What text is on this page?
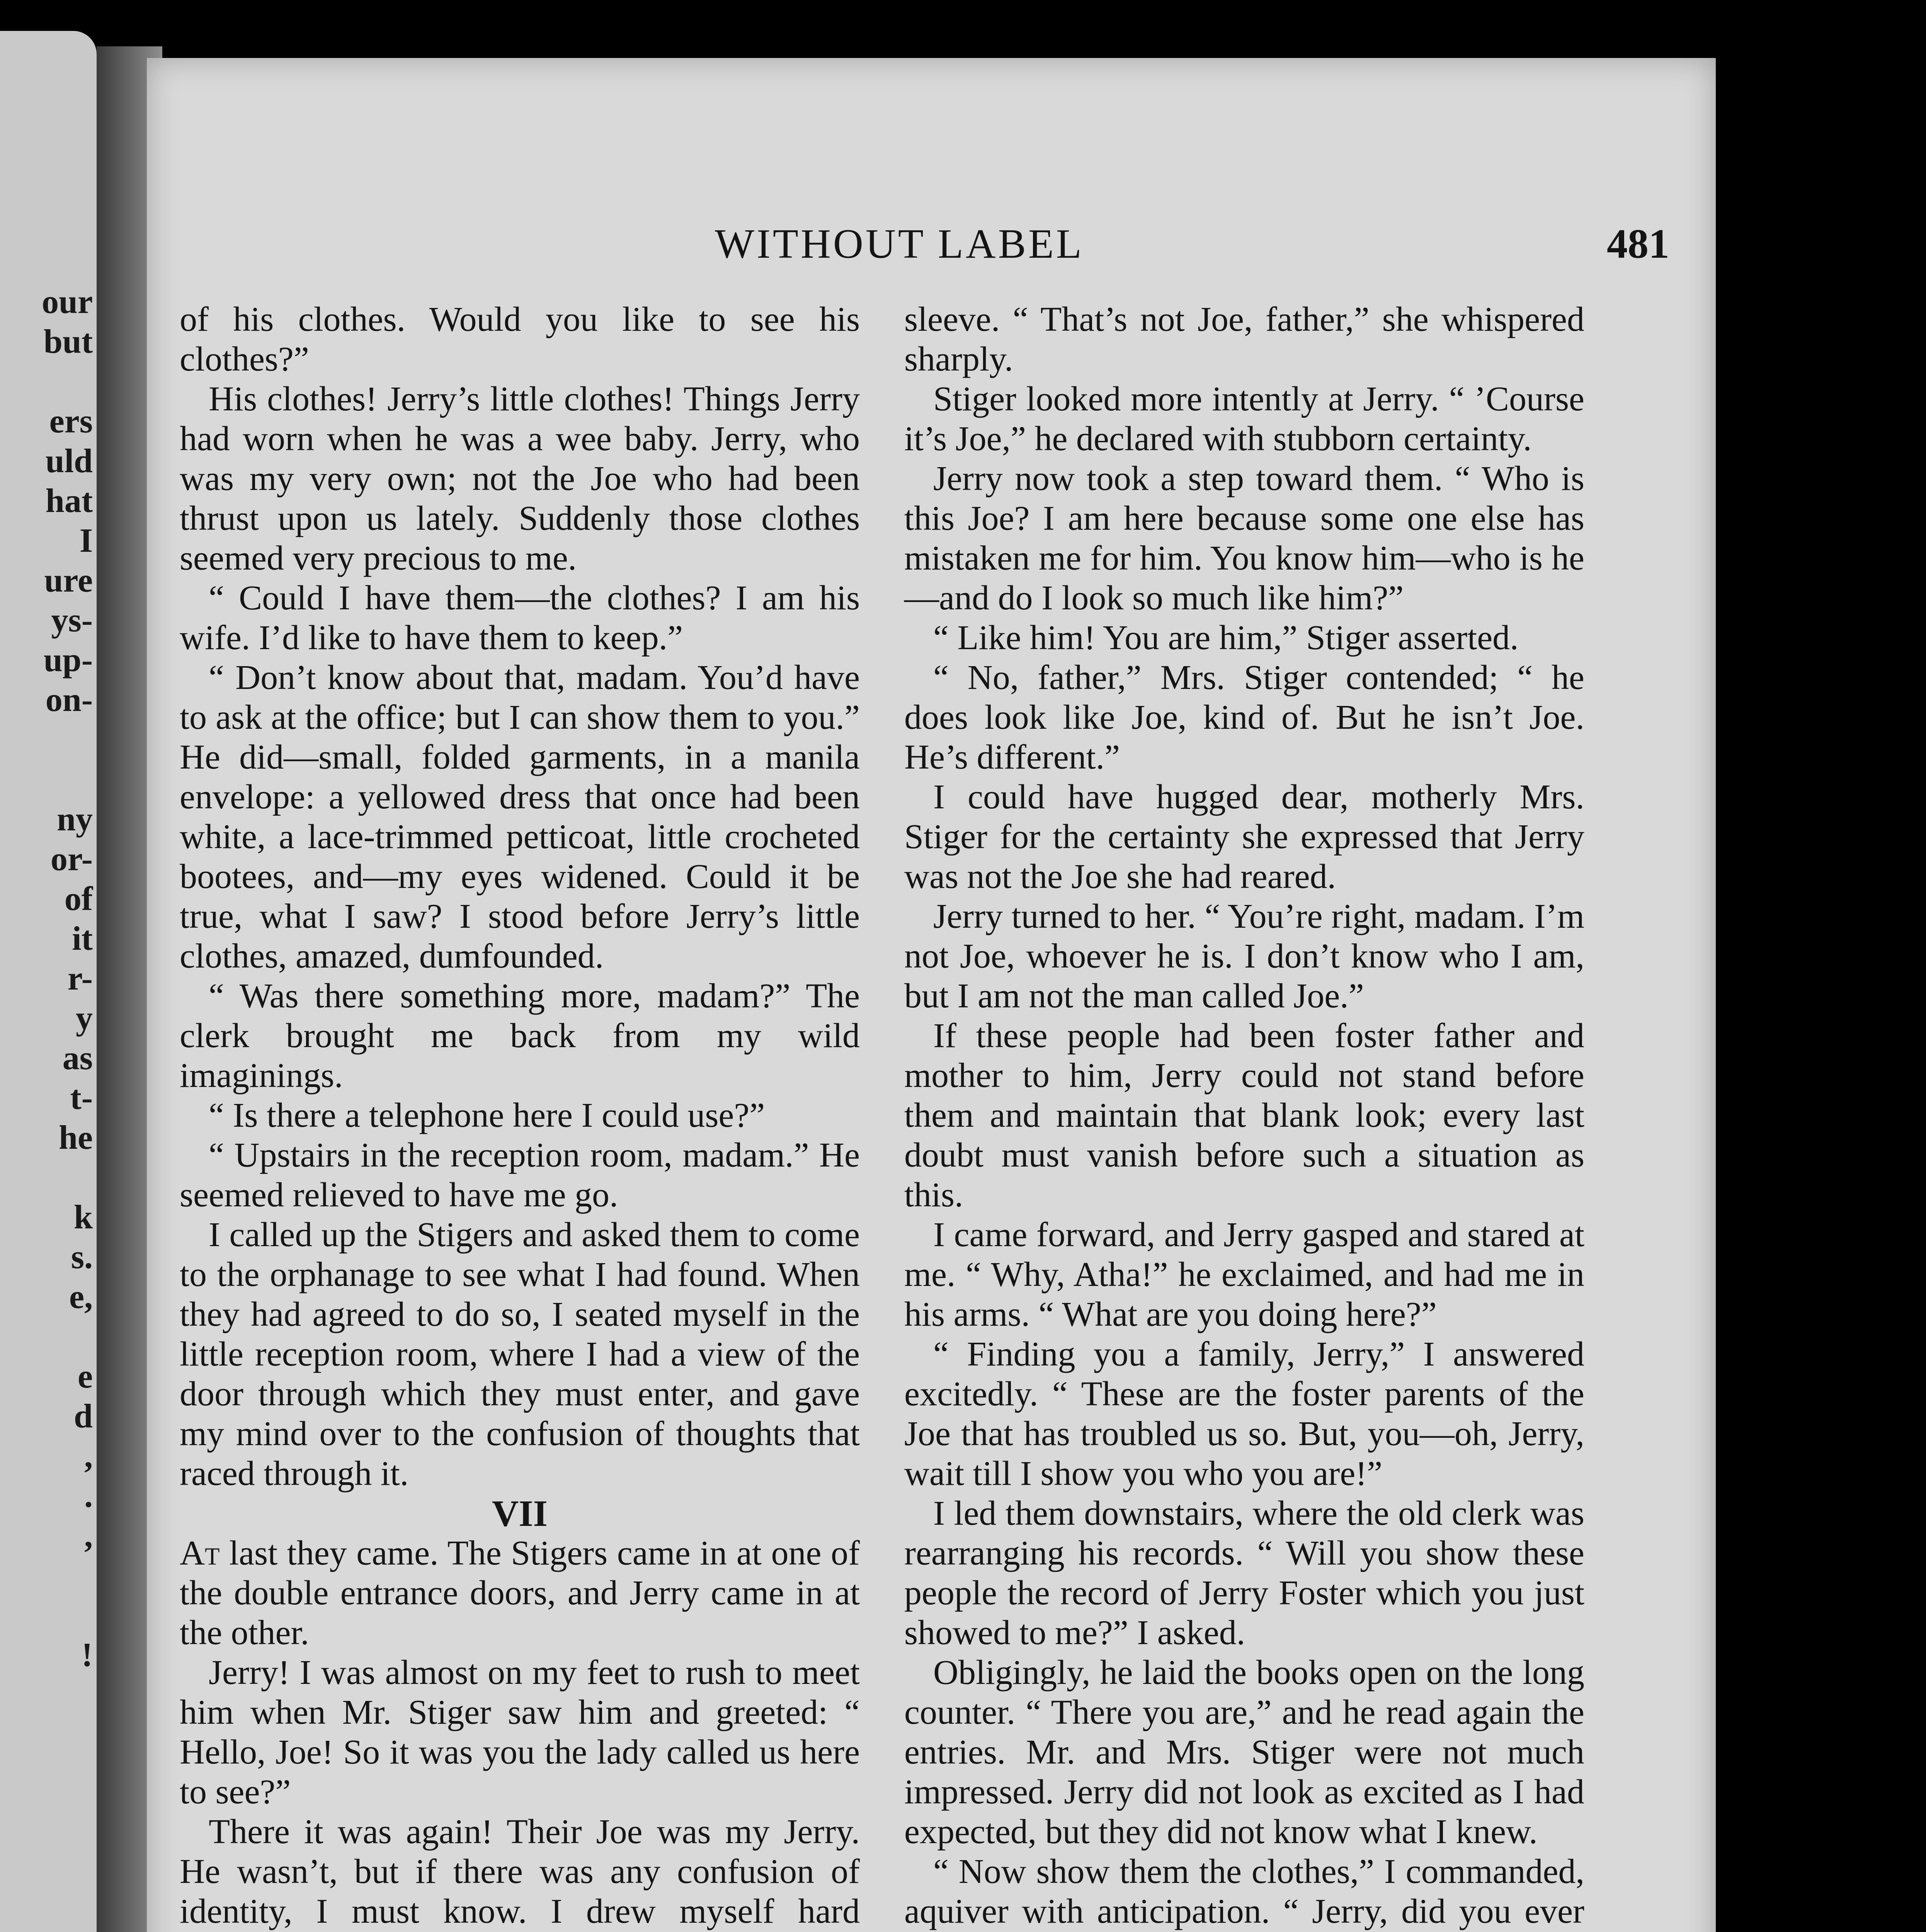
our
but
ers
uld
hat
I
ure
ys-
up-
on-
ny
or-
of
it
r-
y
as
t-
he
k
s.
e,
e
d
,
.
,
!
WITHOUT LABEL	481

of his clothes. Would you like to see his clothes?”

His clothes! Jerry’s little clothes! Things Jerry had worn when he was a wee baby. Jerry, who was my very own; not the Joe who had been thrust upon us lately. Suddenly those clothes seemed very precious to me.

“ Could I have them—the clothes? I am his wife. I’d like to have them to keep.”

“ Don’t know about that, madam. You’d have to ask at the office; but I can show them to you.” He did—small, folded garments, in a manila envelope: a yellowed dress that once had been white, a lace-trimmed petticoat, little crocheted bootees, and—my eyes widened. Could it be true, what I saw? I stood before Jerry’s little clothes, amazed, dumfounded.

“ Was there something more, madam?” The clerk brought me back from my wild imaginings.

“ Is there a telephone here I could use?”

“ Upstairs in the reception room, madam.” He seemed relieved to have me go.

I called up the Stigers and asked them to come to the orphanage to see what I had found. When they had agreed to do so, I seated myself in the little reception room, where I had a view of the door through which they must enter, and gave my mind over to the confusion of thoughts that raced through it.

VII

At last they came. The Stigers came in at one of the double entrance doors, and Jerry came in at the other.

Jerry! I was almost on my feet to rush to meet him when Mr. Stiger saw him and greeted: “ Hello, Joe! So it was you the lady called us here to see?”

There it was again! Their Joe was my Jerry. He wasn’t, but if there was any confusion of identity, I must know. I drew myself hard

sleeve. “ That’s not Joe, father,” she whispered sharply.

Stiger looked more intently at Jerry. “ ’Course it’s Joe,” he declared with stubborn certainty.

Jerry now took a step toward them. “ Who is this Joe? I am here because some one else has mistaken me for him. You know him—who is he—and do I look so much like him?”

“ Like him! You are him,” Stiger asserted.

“ No, father,” Mrs. Stiger contended; “ he does look like Joe, kind of. But he isn’t Joe. He’s different.”

I could have hugged dear, motherly Mrs. Stiger for the certainty she expressed that Jerry was not the Joe she had reared.

Jerry turned to her. “ You’re right, madam. I’m not Joe, whoever he is. I don’t know who I am, but I am not the man called Joe.”

If these people had been foster father and mother to him, Jerry could not stand before them and maintain that blank look; every last doubt must vanish before such a situation as this.

I came forward, and Jerry gasped and stared at me. “ Why, Atha!” he exclaimed, and had me in his arms. “ What are you doing here?”

“ Finding you a family, Jerry,” I answered excitedly. “ These are the foster parents of the Joe that has troubled us so. But, you—oh, Jerry, wait till I show you who you are!”

I led them downstairs, where the old clerk was rearranging his records. “ Will you show these people the record of Jerry Foster which you just showed to me?” I asked.

Obligingly, he laid the books open on the long counter. “ There you are,” and he read again the entries. Mr. and Mrs. Stiger were not much impressed. Jerry did not look as excited as I had expected, but they did not know what I knew.

“ Now show them the clothes,” I commanded, aquiver with anticipation. “ Jerry, did you ever
